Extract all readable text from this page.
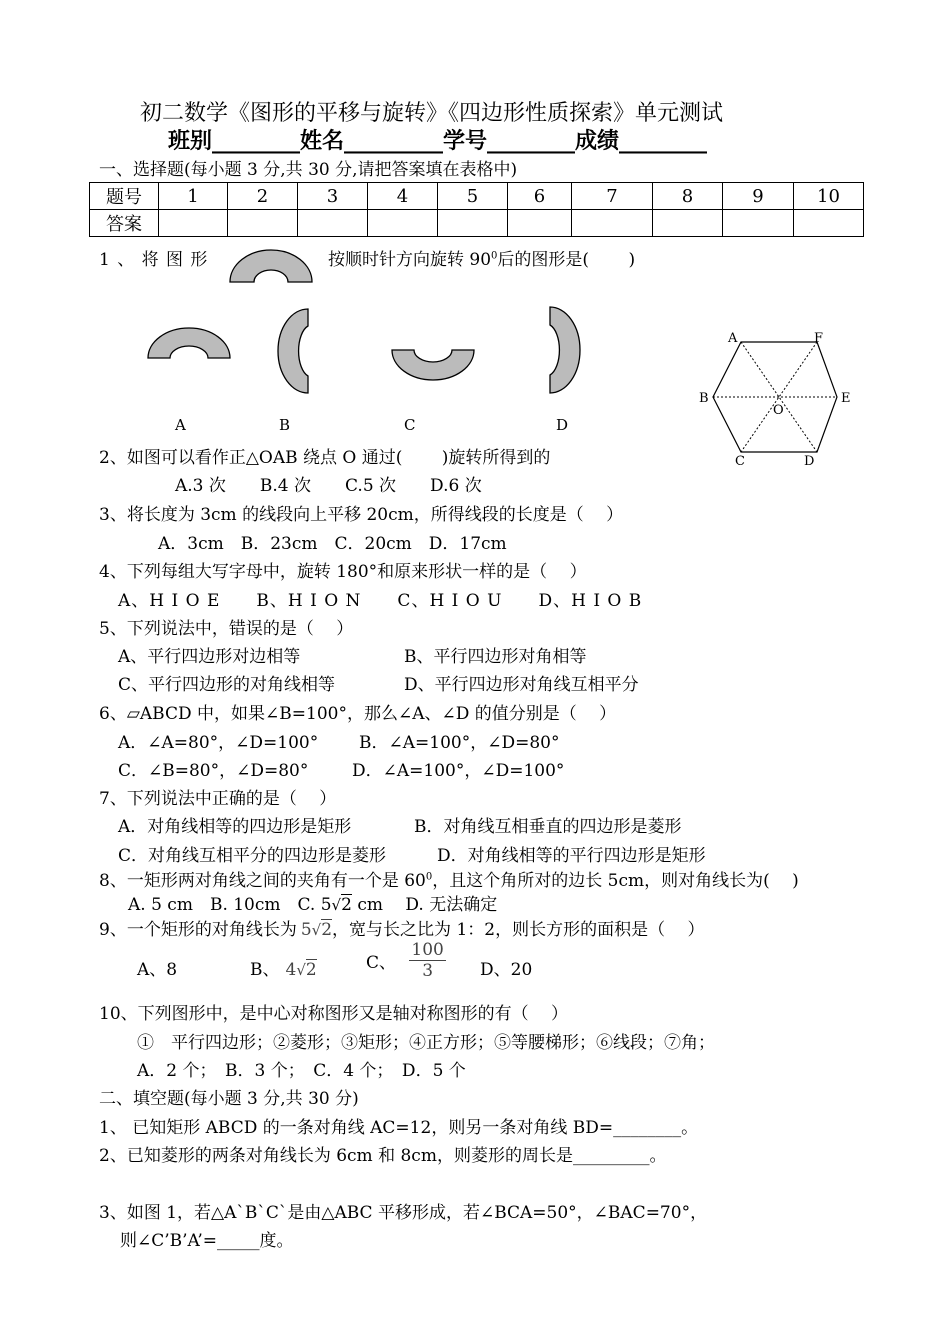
初二数学《图形的平移与旋转》《四边形性质探索》单元测试
班别________姓名_________学号________成绩________
一、选择题(每小题 3 分,共 30 分,请把答案填在表格中)
题号	1	2	3	4	5	6	7	8	9	10
答案										
1 、 将 图 形	按顺时针方向旋转 $90^0$后的图形是(　　 )
A	B	C	D
A	F
B
O
E
C	D
2、如图可以看作正△OAB 绕点 O 通过(　　 )旋转所得到的
A.3 次　　B.4 次　　C.5 次　　D.6 次
3、将长度为 3cm 的线段向上平移 20cm，所得线段的长度是（　 ）
A．3cm　B．23cm　C．20cm　D．17cm
4、下列每组大写字母中，旋转 180°和原来形状一样的是（　 ）
A、H I O E　　B、H I O N　　C、H I O U　　D、H I O B
5、下列说法中，错误的是（　 ）
A、平行四边形对边相等	B、平行四边形对角相等
C、平行四边形的对角线相等	D、平行四边形对角线互相平分
6、▱ABCD 中，如果∠B=100°，那么∠A、∠D 的值分别是（　 ）
A．∠A=80°，∠D=100° B．∠A=100°，∠D=80°
C．∠B=80°，∠D=80°	D．∠A=100°，∠D=100°
7、下列说法中正确的是（　 ）
A．对角线相等的四边形是矩形	B．对角线互相垂直的四边形是菱形
C．对角线互相平分的四边形是菱形	D．对角线相等的平行四边形是矩形
8、一矩形两对角线之间的夹角有一个是 $60^0$，且这个角所对的边长 5cm，则对角线长为(　 )
A. 5 cm　B. 10cm　C. 5√2 cm　 D. 无法确定
9、一个矩形的对角线长为 5√2，宽与长之比为 1：2，则长方形的面积是（　 ）
A、8	B、 4√2	C、 $\frac{100}{3}$ D、20
10、下列图形中，是中心对称图形又是轴对称图形的有（　 ）
①　平行四边形；②菱形；③矩形；④正方形；⑤等腰梯形；⑥线段；⑦角；
A．2 个；　B．3 个；　C．4 个；　D．5 个
二、填空题(每小题 3 分,共 30 分)
1、 已知矩形 ABCD 的一条对角线 AC=12，则另一条对角线 BD=________。
2、已知菱形的两条对角线长为 6cm 和 8cm，则菱形的周长是_________。
3、如图 1，若△A`B`C`是由△ABC 平移形成，若∠BCA=50°，∠BAC=70°，
则∠C’B’A’=_____度。
